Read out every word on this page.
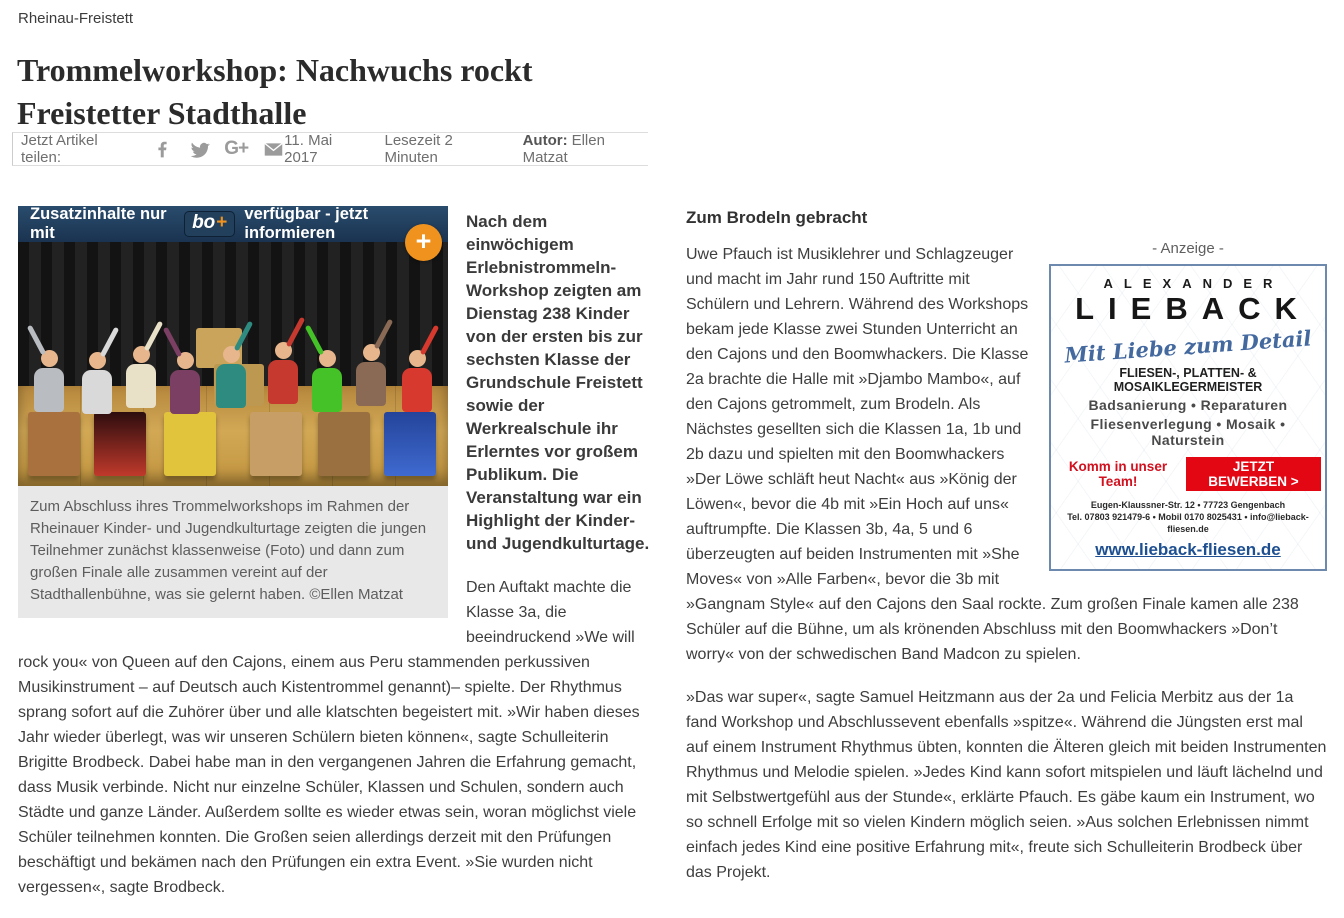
Rheinau-Freistett
Trommelworkshop: Nachwuchs rockt Freistetter Stadthalle
Jetzt Artikel teilen:	G+ 11. Mai 2017
Lesezeit 2 Minuten
Autor: Ellen Matzat
Zusatzinhalte nur mit	bo + verfügbar - jetzt informieren	+
Zum Abschluss ihres Trommelworkshops im Rahmen der Rheinauer Kinder- und Jugendkulturtage zeigten die jungen Teilnehmer zunächst klassenweise (Foto) und dann zum großen Finale alle zusammen vereint auf der Stadthallenbühne, was sie gelernt haben. ©Ellen Matzat

Nach dem einwöchigem Erlebnistrommeln-Workshop zeigten am Dienstag 238 Kinder von der ersten bis zur sechsten Klasse der Grundschule Freistett sowie der Werkrealschule ihr Erlerntes vor großem Publikum. Die Veranstaltung war ein Highlight der Kinder- und Jugendkulturtage.

Den Auftakt machte die Klasse 3a, die beeindruckend »We will rock you« von Queen auf den Cajons, einem aus Peru stammenden perkussiven Musikinstrument – auf Deutsch auch Kistentrommel genannt)– spielte. Der Rhythmus sprang sofort auf die Zuhörer über und alle klatschten begeistert mit. »Wir haben dieses Jahr wieder überlegt, was wir unseren Schülern bieten können«, sagte Schulleiterin Brigitte Brodbeck. Dabei habe man in den vergangenen Jahren die Erfahrung gemacht, dass Musik verbinde. Nicht nur einzelne Schüler, Klassen und Schulen, sondern auch Städte und ganze Länder. Außerdem sollte es wieder etwas sein, woran möglichst viele Schüler teilnehmen konnten. Die Großen seien allerdings derzeit mit den Prüfungen beschäftigt und bekämen nach den Prüfungen ein extra Event. »Sie wurden nicht vergessen«, sagte Brodbeck.

- Anzeige -
ALEXANDER
LIEBACK
Mit Liebe zum Detail
FLIESEN-, PLATTEN- & MOSAIKLEGERMEISTER
Badsanierung • Reparaturen
Fliesenverlegung • Mosaik • Naturstein
Komm in unser Team!
JETZT BEWERBEN >
Eugen-Klaussner-Str. 12 • 77723 Gengenbach
Tel. 07803 921479-6 • Mobil 0170 8025431 • info@lieback-fliesen.de
www.lieback-fliesen.de
Zum Brodeln gebracht

Uwe Pfauch ist Musiklehrer und Schlagzeuger und macht im Jahr rund 150 Auftritte mit Schülern und Lehrern. Während des Workshops bekam jede Klasse zwei Stunden Unterricht an den Cajons und den Boomwhackers. Die Klasse 2a brachte die Halle mit »Djambo Mambo«, auf den Cajons getrommelt, zum Brodeln. Als Nächstes gesellten sich die Klassen 1a, 1b und 2b dazu und spielten mit den Boomwhackers »Der Löwe schläft heut Nacht« aus »König der Löwen«, bevor die 4b mit »Ein Hoch auf uns« auftrumpfte. Die Klassen 3b, 4a, 5 und 6 überzeugten auf beiden Instrumenten mit »She Moves« von »Alle Farben«, bevor die 3b mit »Gangnam Style« auf den Cajons den Saal rockte. Zum großen Finale kamen alle 238 Schüler auf die Bühne, um als krönenden Abschluss mit den Boomwhackers »Don’t worry« von der schwedischen Band Madcon zu spielen.

»Das war super«, sagte Samuel Heitzmann aus der 2a und Felicia Merbitz aus der 1a fand Workshop und Abschlussevent ebenfalls »spitze«. Während die Jüngsten erst mal auf einem Instrument Rhythmus übten, konnten die Älteren gleich mit beiden Instrumenten Rhythmus und Melodie spielen. »Jedes Kind kann sofort mitspielen und läuft lächelnd und mit Selbstwertgefühl aus der Stunde«, erklärte Pfauch. Es gäbe kaum ein Instrument, wo so schnell Erfolge mit so vielen Kindern möglich seien. »Aus solchen Erlebnissen nimmt einfach jedes Kind eine positive Erfahrung mit«, freute sich Schulleiterin Brodbeck über das Projekt.
